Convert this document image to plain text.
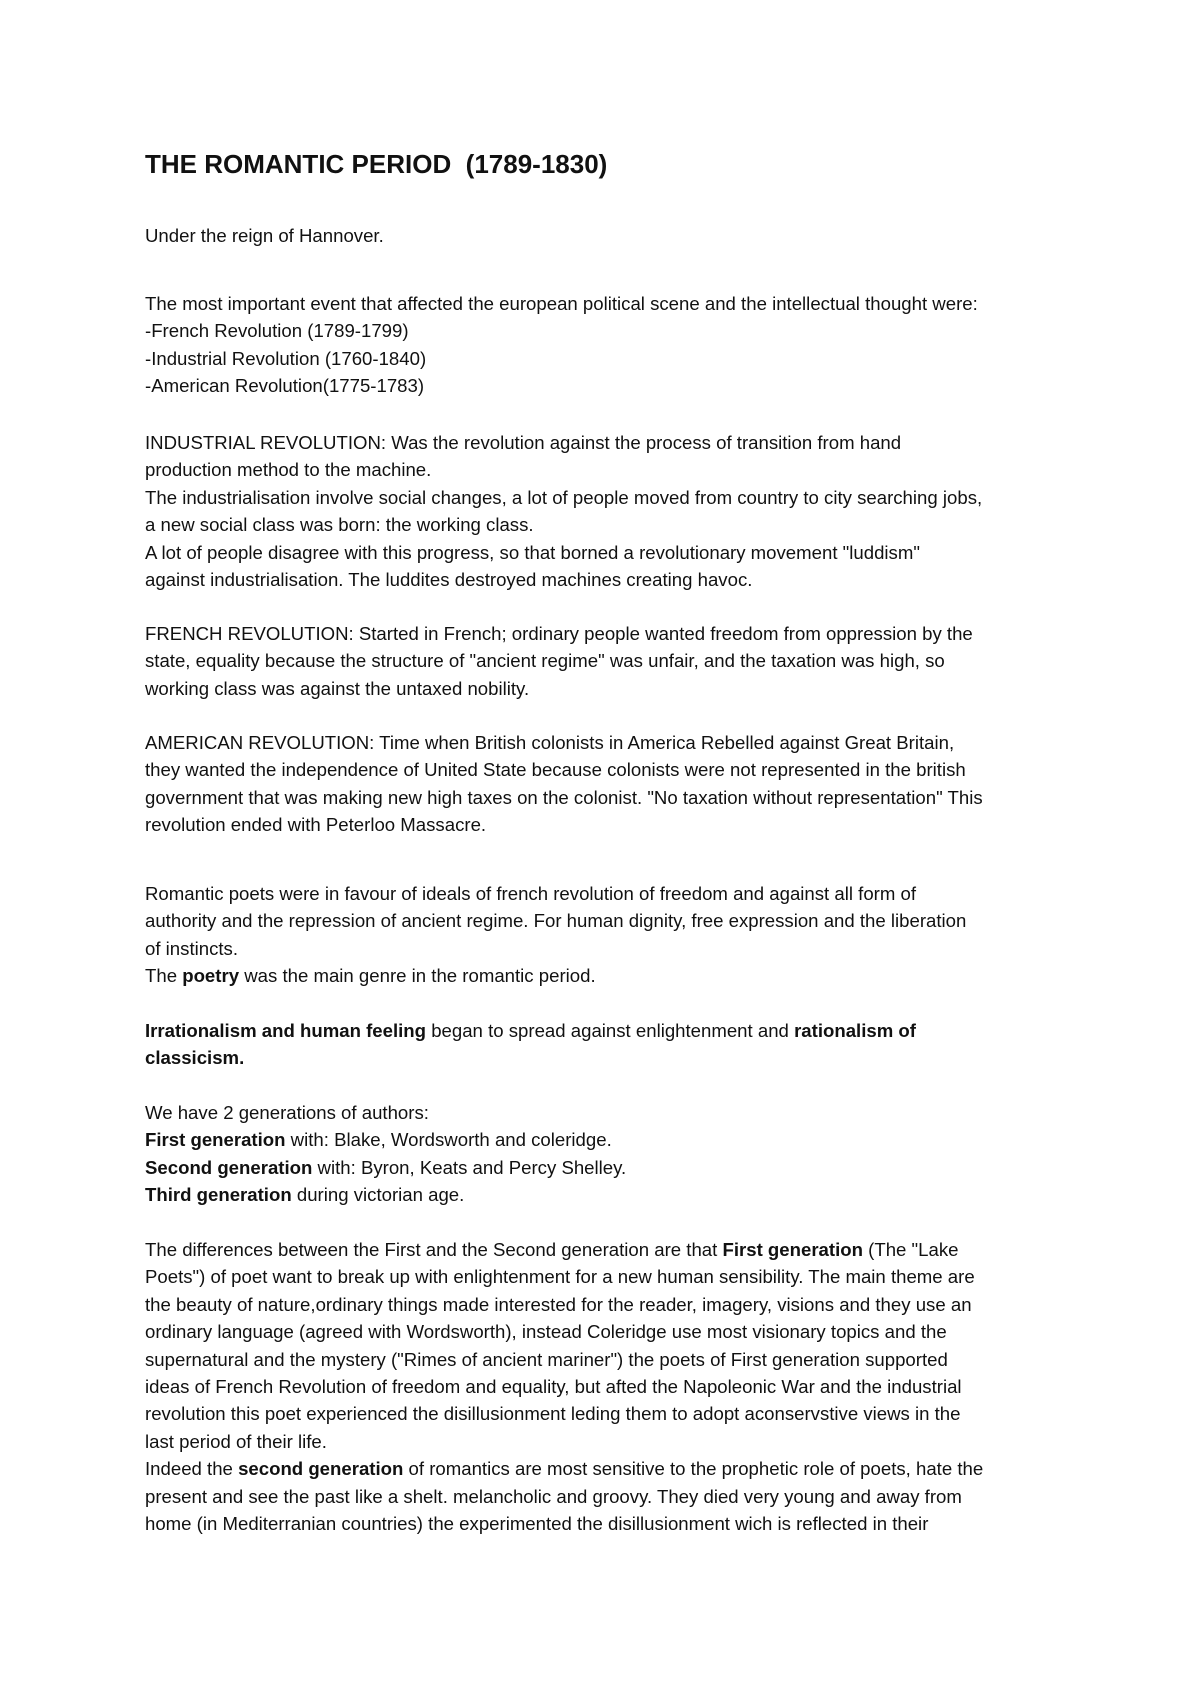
THE ROMANTIC PERIOD  (1789-1830)

Under the reign of Hannover.

The most important event that affected the european political scene and the intellectual thought were:
-French Revolution (1789-1799)
-Industrial Revolution (1760-1840)
-American Revolution(1775-1783)

INDUSTRIAL REVOLUTION: Was the revolution against the process of transition from hand
production method to the machine.
The industrialisation involve social changes, a lot of people moved from country to city searching jobs,
a new social class was born: the working class.
A lot of people disagree with this progress, so that borned a revolutionary movement "luddism"
against industrialisation. The luddites destroyed machines creating havoc.

FRENCH REVOLUTION: Started in French; ordinary people wanted freedom from oppression by the
state, equality because the structure of "ancient regime" was unfair, and the taxation was high, so
working class was against the untaxed nobility.

AMERICAN REVOLUTION: Time when British colonists in America Rebelled against Great Britain,
they wanted the independence of United State because colonists were not represented in the british
government that was making new high taxes on the colonist. "No taxation without representation" This
revolution ended with Peterloo Massacre.

Romantic poets were in favour of ideals of french revolution of freedom and against all form of
authority and the repression of ancient regime. For human dignity, free expression and the liberation
of instincts.
The poetry was the main genre in the romantic period.

Irrationalism and human feeling began to spread against enlightenment and rationalism of
classicism.

We have 2 generations of authors:
First generation with: Blake, Wordsworth and coleridge.
Second generation with: Byron, Keats and Percy Shelley.
Third generation during victorian age.

The differences between the First and the Second generation are that First generation (The "Lake
Poets") of poet want to break up with enlightenment for a new human sensibility. The main theme are
the beauty of nature,ordinary things made interested for the reader, imagery, visions and they use an
ordinary language (agreed with Wordsworth), instead Coleridge use most visionary topics and the
supernatural and the mystery ("Rimes of ancient mariner") the poets of First generation supported
ideas of French Revolution of freedom and equality, but afted the Napoleonic War and the industrial
revolution this poet experienced the disillusionment leding them to adopt aconservstive views in the
last period of their life.
Indeed the second generation of romantics are most sensitive to the prophetic role of poets, hate the
present and see the past like a shelt. melancholic and groovy. They died very young and away from
home (in Mediterranian countries) the experimented the disillusionment wich is reflected in their
